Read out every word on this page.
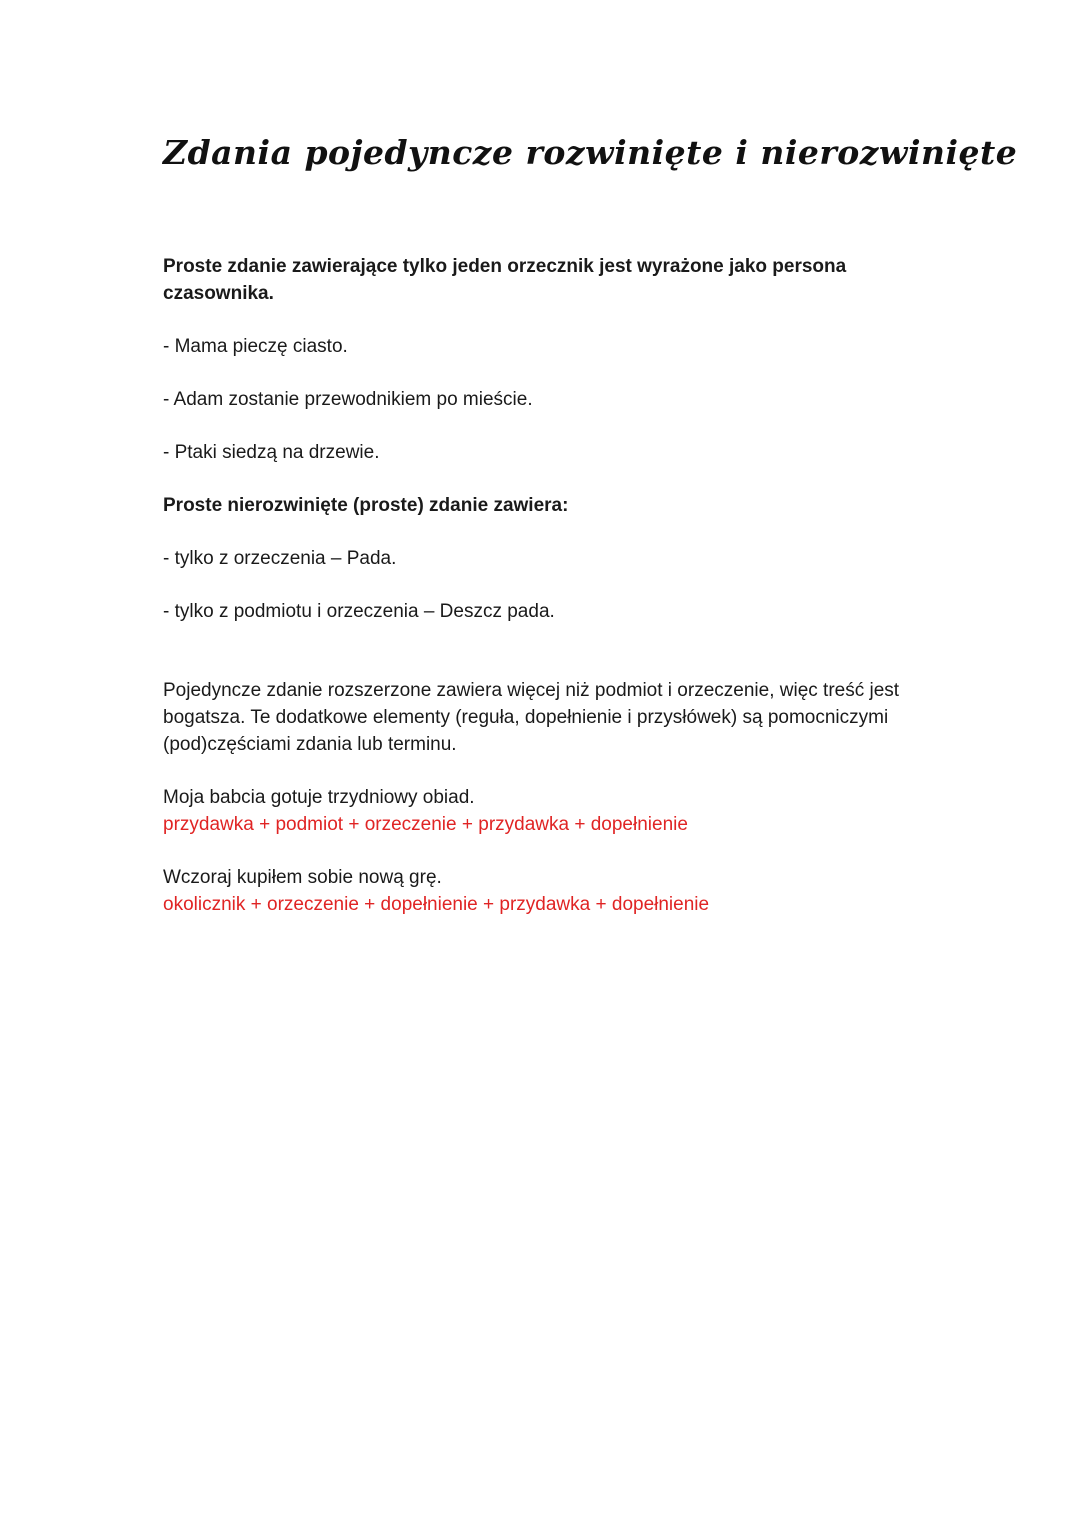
Zdania pojedyncze rozwinięte i nierozwinięte

Proste zdanie zawierające tylko jeden orzecznik jest wyrażone jako persona czasownika.

- Mama pieczę ciasto.

- Adam zostanie przewodnikiem po mieście.

- Ptaki siedzą na drzewie.

Proste nierozwinięte (proste) zdanie zawiera:

- tylko z orzeczenia – Pada.

- tylko z podmiotu i orzeczenia – Deszcz pada.

Pojedyncze zdanie rozszerzone zawiera więcej niż podmiot i orzeczenie, więc treść jest bogatsza. Te dodatkowe elementy (reguła, dopełnienie i przysłówek) są pomocniczymi (pod)częściami zdania lub terminu.

Moja babcia gotuje trzydniowy obiad.

przydawka + podmiot + orzeczenie + przydawka + dopełnienie

Wczoraj kupiłem sobie nową grę.

okolicznik + orzeczenie + dopełnienie + przydawka + dopełnienie
